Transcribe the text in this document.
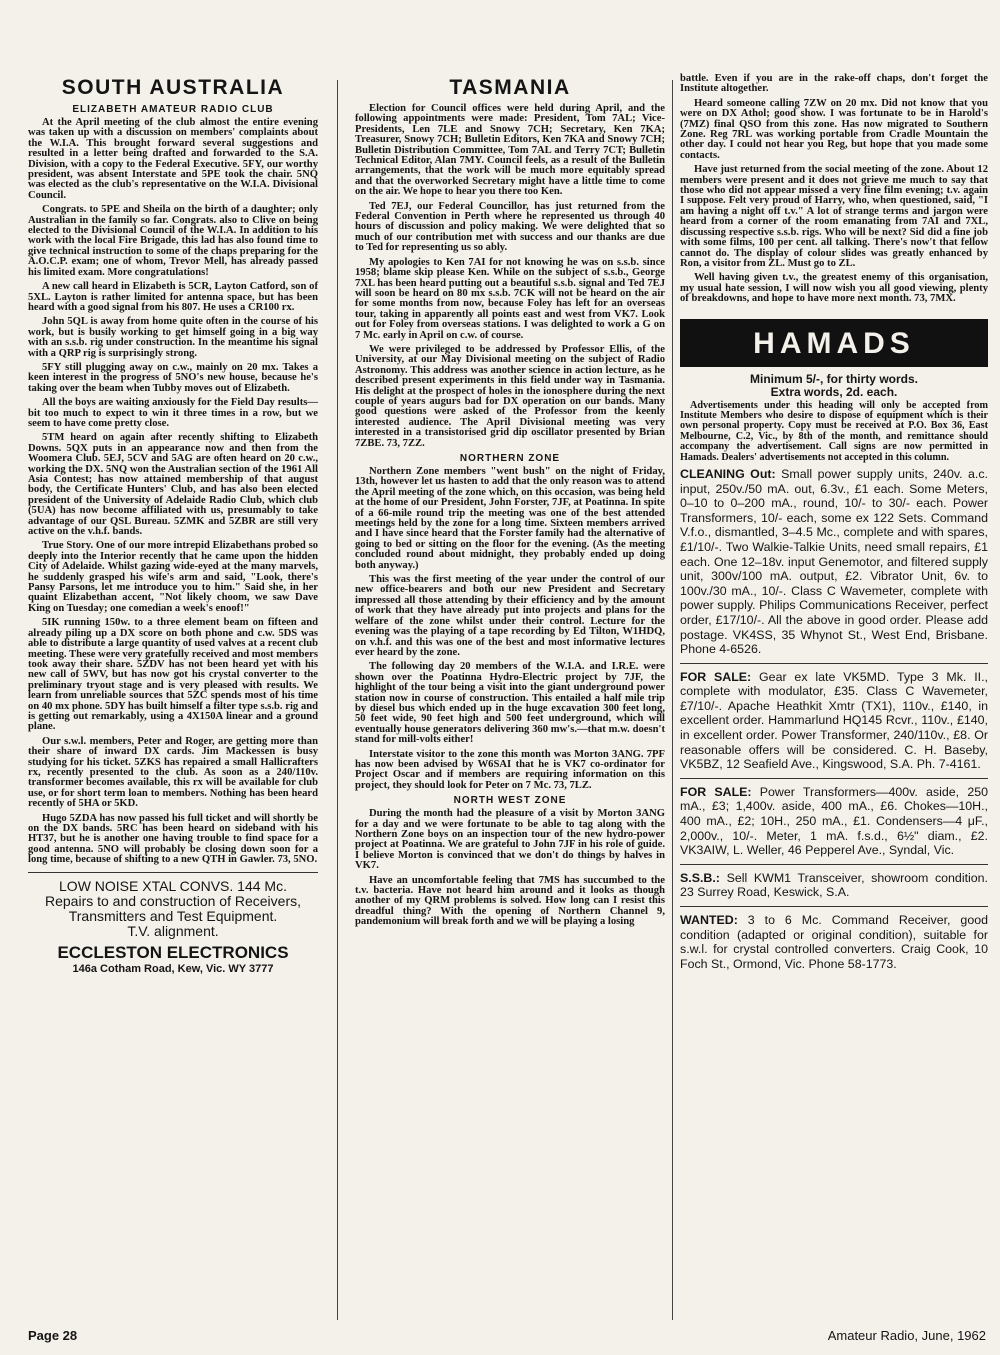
SOUTH AUSTRALIA
ELIZABETH AMATEUR RADIO CLUB

At the April meeting of the club almost the entire evening was taken up with a discussion on members' complaints about the W.I.A. This brought forward several suggestions and resulted in a letter being drafted and forwarded to the S.A. Division, with a copy to the Federal Executive. 5FY, our worthy president, was absent Interstate and 5PE took the chair. 5NQ was elected as the club's representative on the W.I.A. Divisional Council.

Congrats. to 5PE and Sheila on the birth of a daughter; only Australian in the family so far. Congrats. also to Clive on being elected to the Divisional Council of the W.I.A. In addition to his work with the local Fire Brigade, this lad has also found time to give technical instruction to some of the chaps preparing for the A.O.C.P. exam; one of whom, Trevor Mell, has already passed his limited exam. More congratulations!

A new call heard in Elizabeth is 5CR, Layton Catford, son of 5XL. Layton is rather limited for antenna space, but has been heard with a good signal from his 807. He uses a CR100 rx.

John 5QL is away from home quite often in the course of his work, but is busily working to get himself going in a big way with an s.s.b. rig under construction. In the meantime his signal with a QRP rig is surprisingly strong.

5FY still plugging away on c.w., mainly on 20 mx. Takes a keen interest in the progress of 5NO's new house, because he's taking over the beam when Tubby moves out of Elizabeth.

All the boys are waiting anxiously for the Field Day results—bit too much to expect to win it three times in a row, but we seem to have come pretty close.

5TM heard on again after recently shifting to Elizabeth Downs. 5QX puts in an appearance now and then from the Woomera Club. 5EJ, 5CV and 5AG are often heard on 20 c.w., working the DX. 5NQ won the Australian section of the 1961 All Asia Contest; has now attained membership of that august body, the Certificate Hunters' Club, and has also been elected president of the University of Adelaide Radio Club, which club (5UA) has now become affiliated with us, presumably to take advantage of our QSL Bureau. 5ZMK and 5ZBR are still very active on the v.h.f. bands.

True Story. One of our more intrepid Elizabethans probed so deeply into the Interior recently that he came upon the hidden City of Adelaide. Whilst gazing wide-eyed at the many marvels, he suddenly grasped his wife's arm and said, "Look, there's Pansy Parsons, let me introduce you to him." Said she, in her quaint Elizabethan accent, "Not likely choom, we saw Dave King on Tuesday; one comedian a week's enoof!"

5IK running 150w. to a three element beam on fifteen and already piling up a DX score on both phone and c.w. 5DS was able to distribute a large quantity of used valves at a recent club meeting. These were very gratefully received and most members took away their share. 5ZDV has not been heard yet with his new call of 5WV, but has now got his crystal converter to the preliminary tryout stage and is very pleased with results. We learn from unreliable sources that 5ZC spends most of his time on 40 mx phone. 5DY has built himself a filter type s.s.b. rig and is getting out remarkably, using a 4X150A linear and a ground plane.

Our s.w.l. members, Peter and Roger, are getting more than their share of inward DX cards. Jim Mackessen is busy studying for his ticket. 5ZKS has repaired a small Hallicrafters rx, recently presented to the club. As soon as a 240/110v. transformer becomes available, this rx will be available for club use, or for short term loan to members. Nothing has been heard recently of 5HA or 5KD.

Hugo 5ZDA has now passed his full ticket and will shortly be on the DX bands. 5RC has been heard on sideband with his HT37, but he is another one having trouble to find space for a good antenna. 5NO will probably be closing down soon for a long time, because of shifting to a new QTH in Gawler. 73, 5NO.

LOW NOISE XTAL CONVS. 144 Mc.
Repairs to and construction of Receivers, Transmitters and Test Equipment.
T.V. alignment.
ECCLESTON ELECTRONICS
146a Cotham Road, Kew, Vic. WY 3777
TASMANIA

Election for Council offices were held during April, and the following appointments were made: President, Tom 7AL; Vice-Presidents, Len 7LE and Snowy 7CH; Secretary, Ken 7KA; Treasurer, Snowy 7CH; Bulletin Editors, Ken 7KA and Snowy 7CH; Bulletin Distribution Committee, Tom 7AL and Terry 7CT; Bulletin Technical Editor, Alan 7MY. Council feels, as a result of the Bulletin arrangements, that the work will be much more equitably spread and that the overworked Secretary might have a little time to come on the air. We hope to hear you there too Ken.

Ted 7EJ, our Federal Councillor, has just returned from the Federal Convention in Perth where he represented us through 40 hours of discussion and policy making. We were delighted that so much of our contribution met with success and our thanks are due to Ted for representing us so ably.

My apologies to Ken 7AI for not knowing he was on s.s.b. since 1958; blame skip please Ken. While on the subject of s.s.b., George 7XL has been heard putting out a beautiful s.s.b. signal and Ted 7EJ will soon be heard on 80 mx s.s.b. 7CK will not be heard on the air for some months from now, because Foley has left for an overseas tour, taking in apparently all points east and west from VK7. Look out for Foley from overseas stations. I was delighted to work a G on 7 Mc. early in April on c.w. of course.

We were privileged to be addressed by Professor Ellis, of the University, at our May Divisional meeting on the subject of Radio Astronomy. This address was another science in action lecture, as he described present experiments in this field under way in Tasmania. His delight at the prospect of holes in the ionosphere during the next couple of years augurs bad for DX operation on our bands. Many good questions were asked of the Professor from the keenly interested audience. The April Divisional meeting was very interested in a transistorised grid dip oscillator presented by Brian 7ZBE. 73, 7ZZ.

NORTHERN ZONE

Northern Zone members "went bush" on the night of Friday, 13th, however let us hasten to add that the only reason was to attend the April meeting of the zone which, on this occasion, was being held at the home of our President, John Forster, 7JF, at Poatinna. In spite of a 66-mile round trip the meeting was one of the best attended meetings held by the zone for a long time. Sixteen members arrived and I have since heard that the Forster family had the alternative of going to bed or sitting on the floor for the evening. (As the meeting concluded round about midnight, they probably ended up doing both anyway.)

This was the first meeting of the year under the control of our new office-bearers and both our new President and Secretary impressed all those attending by their efficiency and by the amount of work that they have already put into projects and plans for the welfare of the zone whilst under their control. Lecture for the evening was the playing of a tape recording by Ed Tilton, W1HDQ, on v.h.f. and this was one of the best and most informative lectures ever heard by the zone.

The following day 20 members of the W.I.A. and I.R.E. were shown over the Poatinna Hydro-Electric project by 7JF, the highlight of the tour being a visit into the giant underground power station now in course of construction. This entailed a half mile trip by diesel bus which ended up in the huge excavation 300 feet long, 50 feet wide, 90 feet high and 500 feet underground, which will eventually house generators delivering 360 mw's.—that m.w. doesn't stand for mill-volts either!

Interstate visitor to the zone this month was Morton 3ANG. 7PF has now been advised by W6SAI that he is VK7 co-ordinator for Project Oscar and if members are requiring information on this project, they should look for Peter on 7 Mc. 73, 7LZ.

NORTH WEST ZONE

During the month had the pleasure of a visit by Morton 3ANG for a day and we were fortunate to be able to tag along with the Northern Zone boys on an inspection tour of the new hydro-power project at Poatinna. We are grateful to John 7JF in his role of guide. I believe Morton is convinced that we don't do things by halves in VK7.

Have an uncomfortable feeling that 7MS has succumbed to the t.v. bacteria. Have not heard him around and it looks as though another of my QRM problems is solved. How long can I resist this dreadful thing? With the opening of Northern Channel 9, pandemonium will break forth and we will be playing a losing

battle. Even if you are in the rake-off chaps, don't forget the Institute altogether.

Heard someone calling 7ZW on 20 mx. Did not know that you were on DX Athol; good show. I was fortunate to be in Harold's (7MZ) final QSO from this zone. Has now migrated to Southern Zone. Reg 7RL was working portable from Cradle Mountain the other day. I could not hear you Reg, but hope that you made some contacts.

Have just returned from the social meeting of the zone. About 12 members were present and it does not grieve me much to say that those who did not appear missed a very fine film evening; t.v. again I suppose. Felt very proud of Harry, who, when questioned, said, "I am having a night off t.v." A lot of strange terms and jargon were heard from a corner of the room emanating from 7AI and 7XL, discussing respective s.s.b. rigs. Who will be next? Sid did a fine job with some films, 100 per cent. all talking. There's now't that fellow cannot do. The display of colour slides was greatly enhanced by Ron, a visitor from ZL. Must go to ZL.

Well having given t.v., the greatest enemy of this organisation, my usual hate session, I will now wish you all good viewing, plenty of breakdowns, and hope to have more next month. 73, 7MX.

HAMADS
Minimum 5/-, for thirty words.
Extra words, 2d. each.
Advertisements under this heading will only be accepted from Institute Members who desire to dispose of equipment which is their own personal property. Copy must be received at P.O. Box 36, East Melbourne, C.2, Vic., by 8th of the month, and remittance should accompany the advertisement. Call signs are now permitted in Hamads. Dealers' advertisements not accepted in this column.

CLEANING Out: Small power supply units, 240v. a.c. input, 250v./50 mA. out, 6.3v., £1 each. Some Meters, 0–10 to 0–200 mA., round, 10/- to 30/- each. Power Transformers, 10/- each, some ex 122 Sets. Command V.f.o., dismantled, 3–4.5 Mc., complete and with spares, £1/10/-. Two Walkie-Talkie Units, need small repairs, £1 each. One 12–18v. input Genemotor, and filtered supply unit, 300v/100 mA. output, £2. Vibrator Unit, 6v. to 100v./30 mA., 10/-. Class C Wavemeter, complete with power supply. Philips Communications Receiver, perfect order, £17/10/-. All the above in good order. Please add postage. VK4SS, 35 Whynot St., West End, Brisbane. Phone 4-6526.

FOR SALE: Gear ex late VK5MD. Type 3 Mk. II., complete with modulator, £35. Class C Wavemeter, £7/10/-. Apache Heathkit Xmtr (TX1), 110v., £140, in excellent order. Hammarlund HQ145 Rcvr., 110v., £140, in excellent order. Power Transformer, 240/110v., £8. Or reasonable offers will be considered. C. H. Baseby, VK5BZ, 12 Seafield Ave., Kingswood, S.A. Ph. 7-4161.

FOR SALE: Power Transformers—400v. aside, 250 mA., £3; 1,400v. aside, 400 mA., £6. Chokes—10H., 400 mA., £2; 10H., 250 mA., £1. Condensers—4 μF., 2,000v., 10/-. Meter, 1 mA. f.s.d., 6½" diam., £2. VK3AIW, L. Weller, 46 Pepperel Ave., Syndal, Vic.

S.S.B.: Sell KWM1 Transceiver, showroom condition. 23 Surrey Road, Keswick, S.A.

WANTED: 3 to 6 Mc. Command Receiver, good condition (adapted or original condition), suitable for s.w.l. for crystal controlled converters. Craig Cook, 10 Foch St., Ormond, Vic. Phone 58-1773.

Page 28	Amateur Radio, June, 1962
